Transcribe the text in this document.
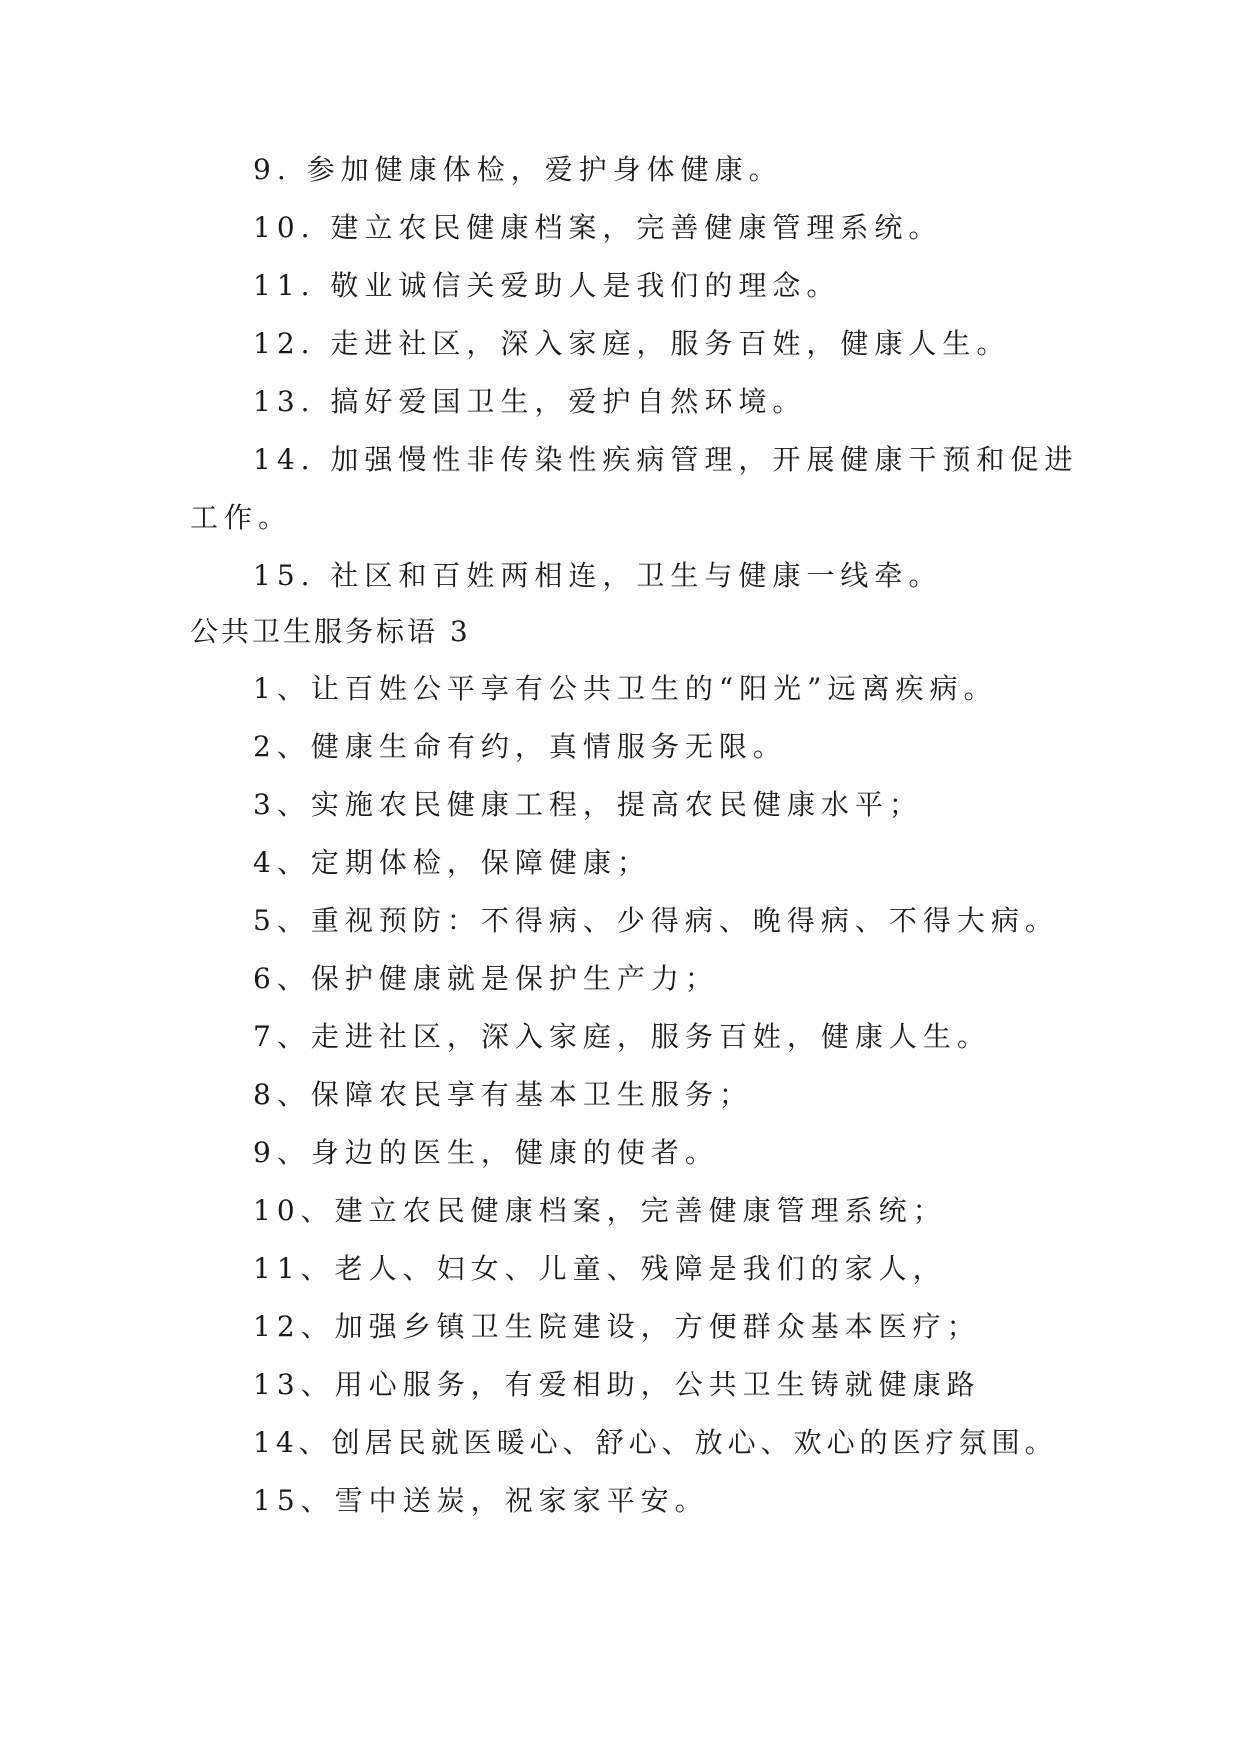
9. 参加健康体检，爱护身体健康。
10. 建立农民健康档案，完善健康管理系统。
11. 敬业诚信关爱助人是我们的理念。
12. 走进社区，深入家庭，服务百姓，健康人生。
13. 搞好爱国卫生，爱护自然环境。
14. 加强慢性非传染性疾病管理，开展健康干预和促进
工作。
15. 社区和百姓两相连，卫生与健康一线牵。
公共卫生服务标语 3
1、让百姓公平享有公共卫生的“阳光”远离疾病。
2、健康生命有约，真情服务无限。
3、实施农民健康工程，提高农民健康水平；
4、定期体检，保障健康；
5、重视预防：不得病、少得病、晚得病、不得大病。
6、保护健康就是保护生产力；
7、走进社区，深入家庭，服务百姓，健康人生。
8、保障农民享有基本卫生服务；
9、身边的医生，健康的使者。
10、建立农民健康档案，完善健康管理系统；
11、老人、妇女、儿童、残障是我们的家人，
12、加强乡镇卫生院建设，方便群众基本医疗；
13、用心服务，有爱相助，公共卫生铸就健康路
14、创居民就医暖心、舒心、放心、欢心的医疗氛围。
15、雪中送炭，祝家家平安。
